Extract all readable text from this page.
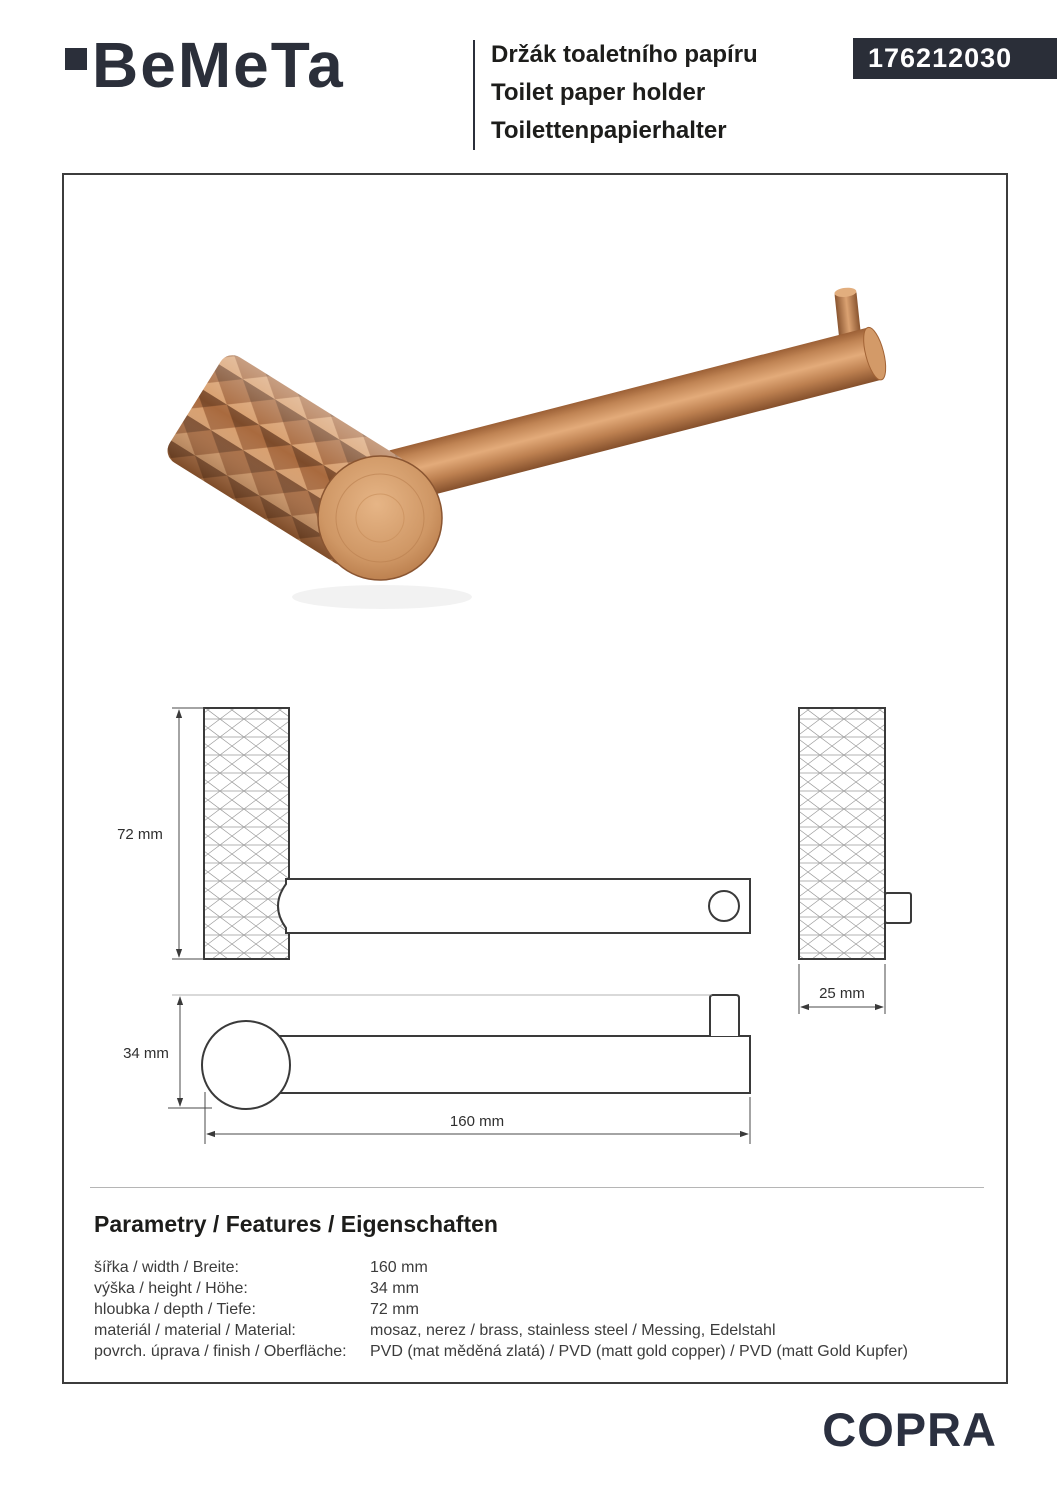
BeMeTa	Držák toaletního papíru
Toilet paper holder
Toilettenpapierhalter
176212030
72 mm
25 mm
34 mm
160 mm
Parametry / Features / Eigenschaften
šířka / width / Breite:	160 mm
výška / height / Höhe:	34 mm
hloubka / depth / Tiefe:	72 mm
materiál / material / Material:	mosaz, nerez / brass, stainless steel / Messing, Edelstahl
povrch. úprava / finish / Oberfläche:	PVD (mat měděná zlatá) / PVD (matt gold copper) / PVD (matt Gold Kupfer)
COPRA
